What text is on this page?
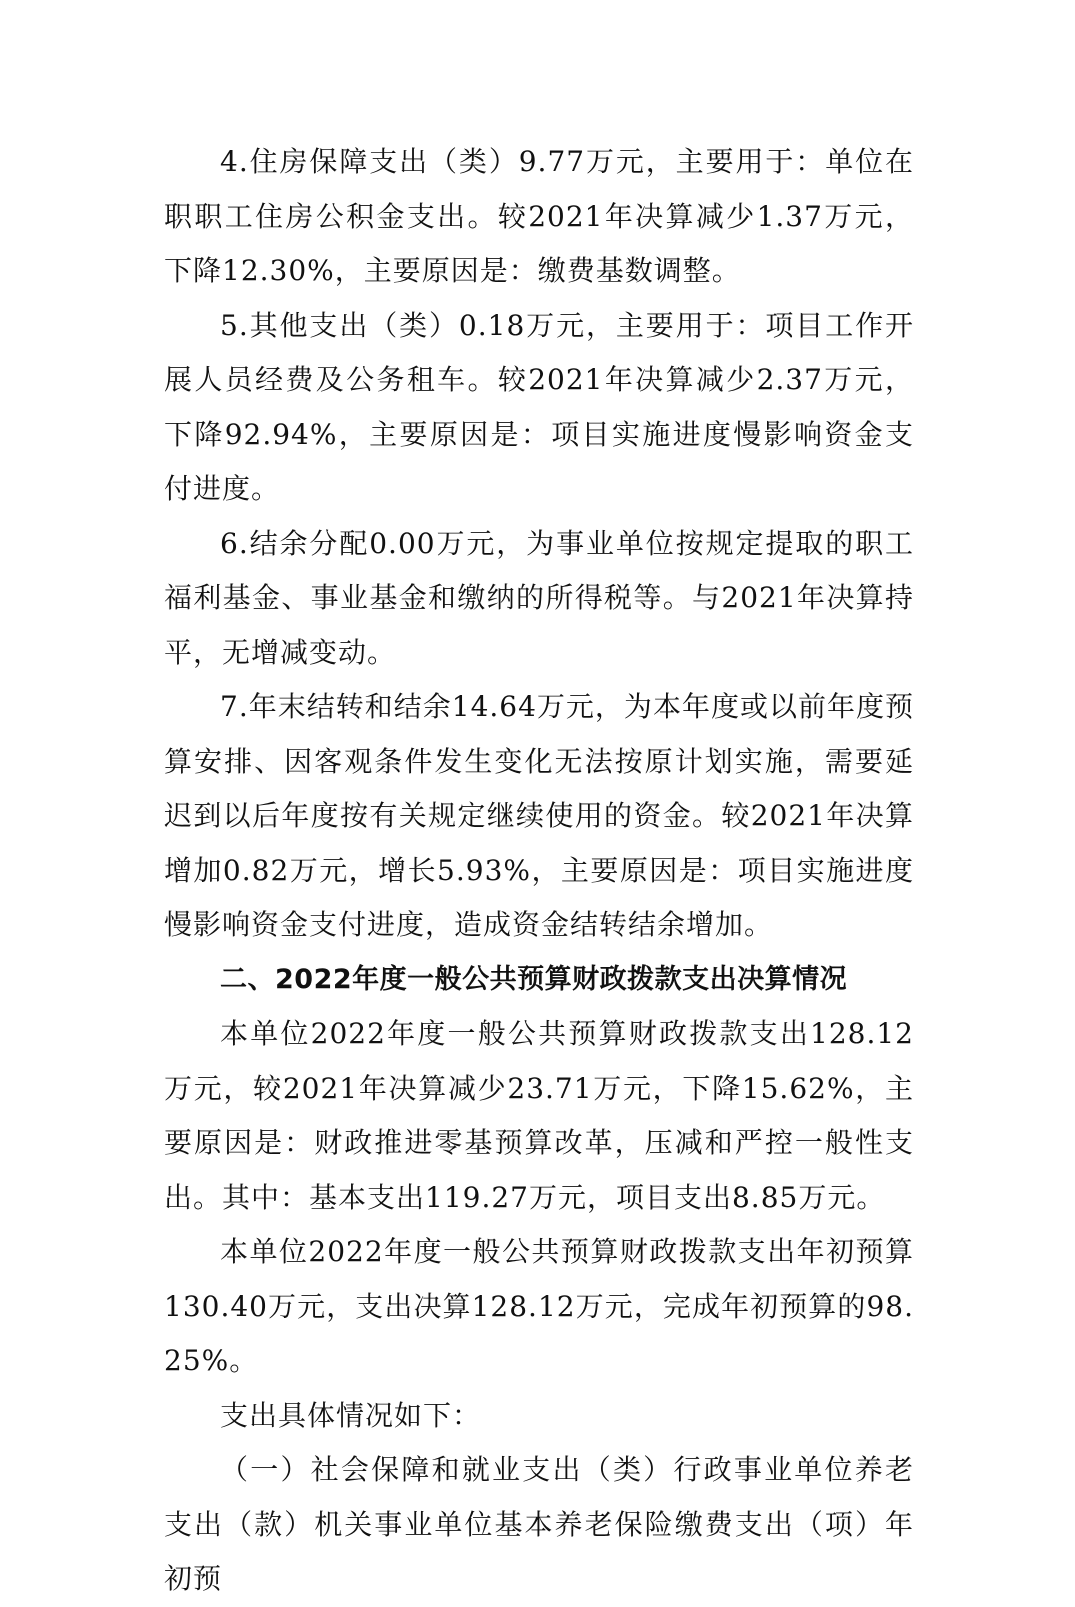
4.住房保障支出（类）9.77万元，主要用于：单位在职职工住房公积金支出。较2021年决算减少1.37万元，下降12.30%，主要原因是：缴费基数调整。

5.其他支出（类）0.18万元，主要用于：项目工作开展人员经费及公务租车。较2021年决算减少2.37万元，下降92.94%，主要原因是：项目实施进度慢影响资金支付进度。

6.结余分配0.00万元，为事业单位按规定提取的职工福利基金、事业基金和缴纳的所得税等。与2021年决算持平，无增减变动。

7.年末结转和结余14.64万元，为本年度或以前年度预算安排、因客观条件发生变化无法按原计划实施，需要延迟到以后年度按有关规定继续使用的资金。较2021年决算增加0.82万元，增长5.93%，主要原因是：项目实施进度慢影响资金支付进度，造成资金结转结余增加。

二、2022年度一般公共预算财政拨款支出决算情况

本单位2022年度一般公共预算财政拨款支出128.12万元，较2021年决算减少23.71万元，下降15.62%，主要原因是：财政推进零基预算改革，压减和严控一般性支出。其中：基本支出119.27万元，项目支出8.85万元。

本单位2022年度一般公共预算财政拨款支出年初预算130.40万元，支出决算128.12万元，完成年初预算的98.25%。

支出具体情况如下：

（一）社会保障和就业支出（类）行政事业单位养老支出（款）机关事业单位基本养老保险缴费支出（项）年初预
